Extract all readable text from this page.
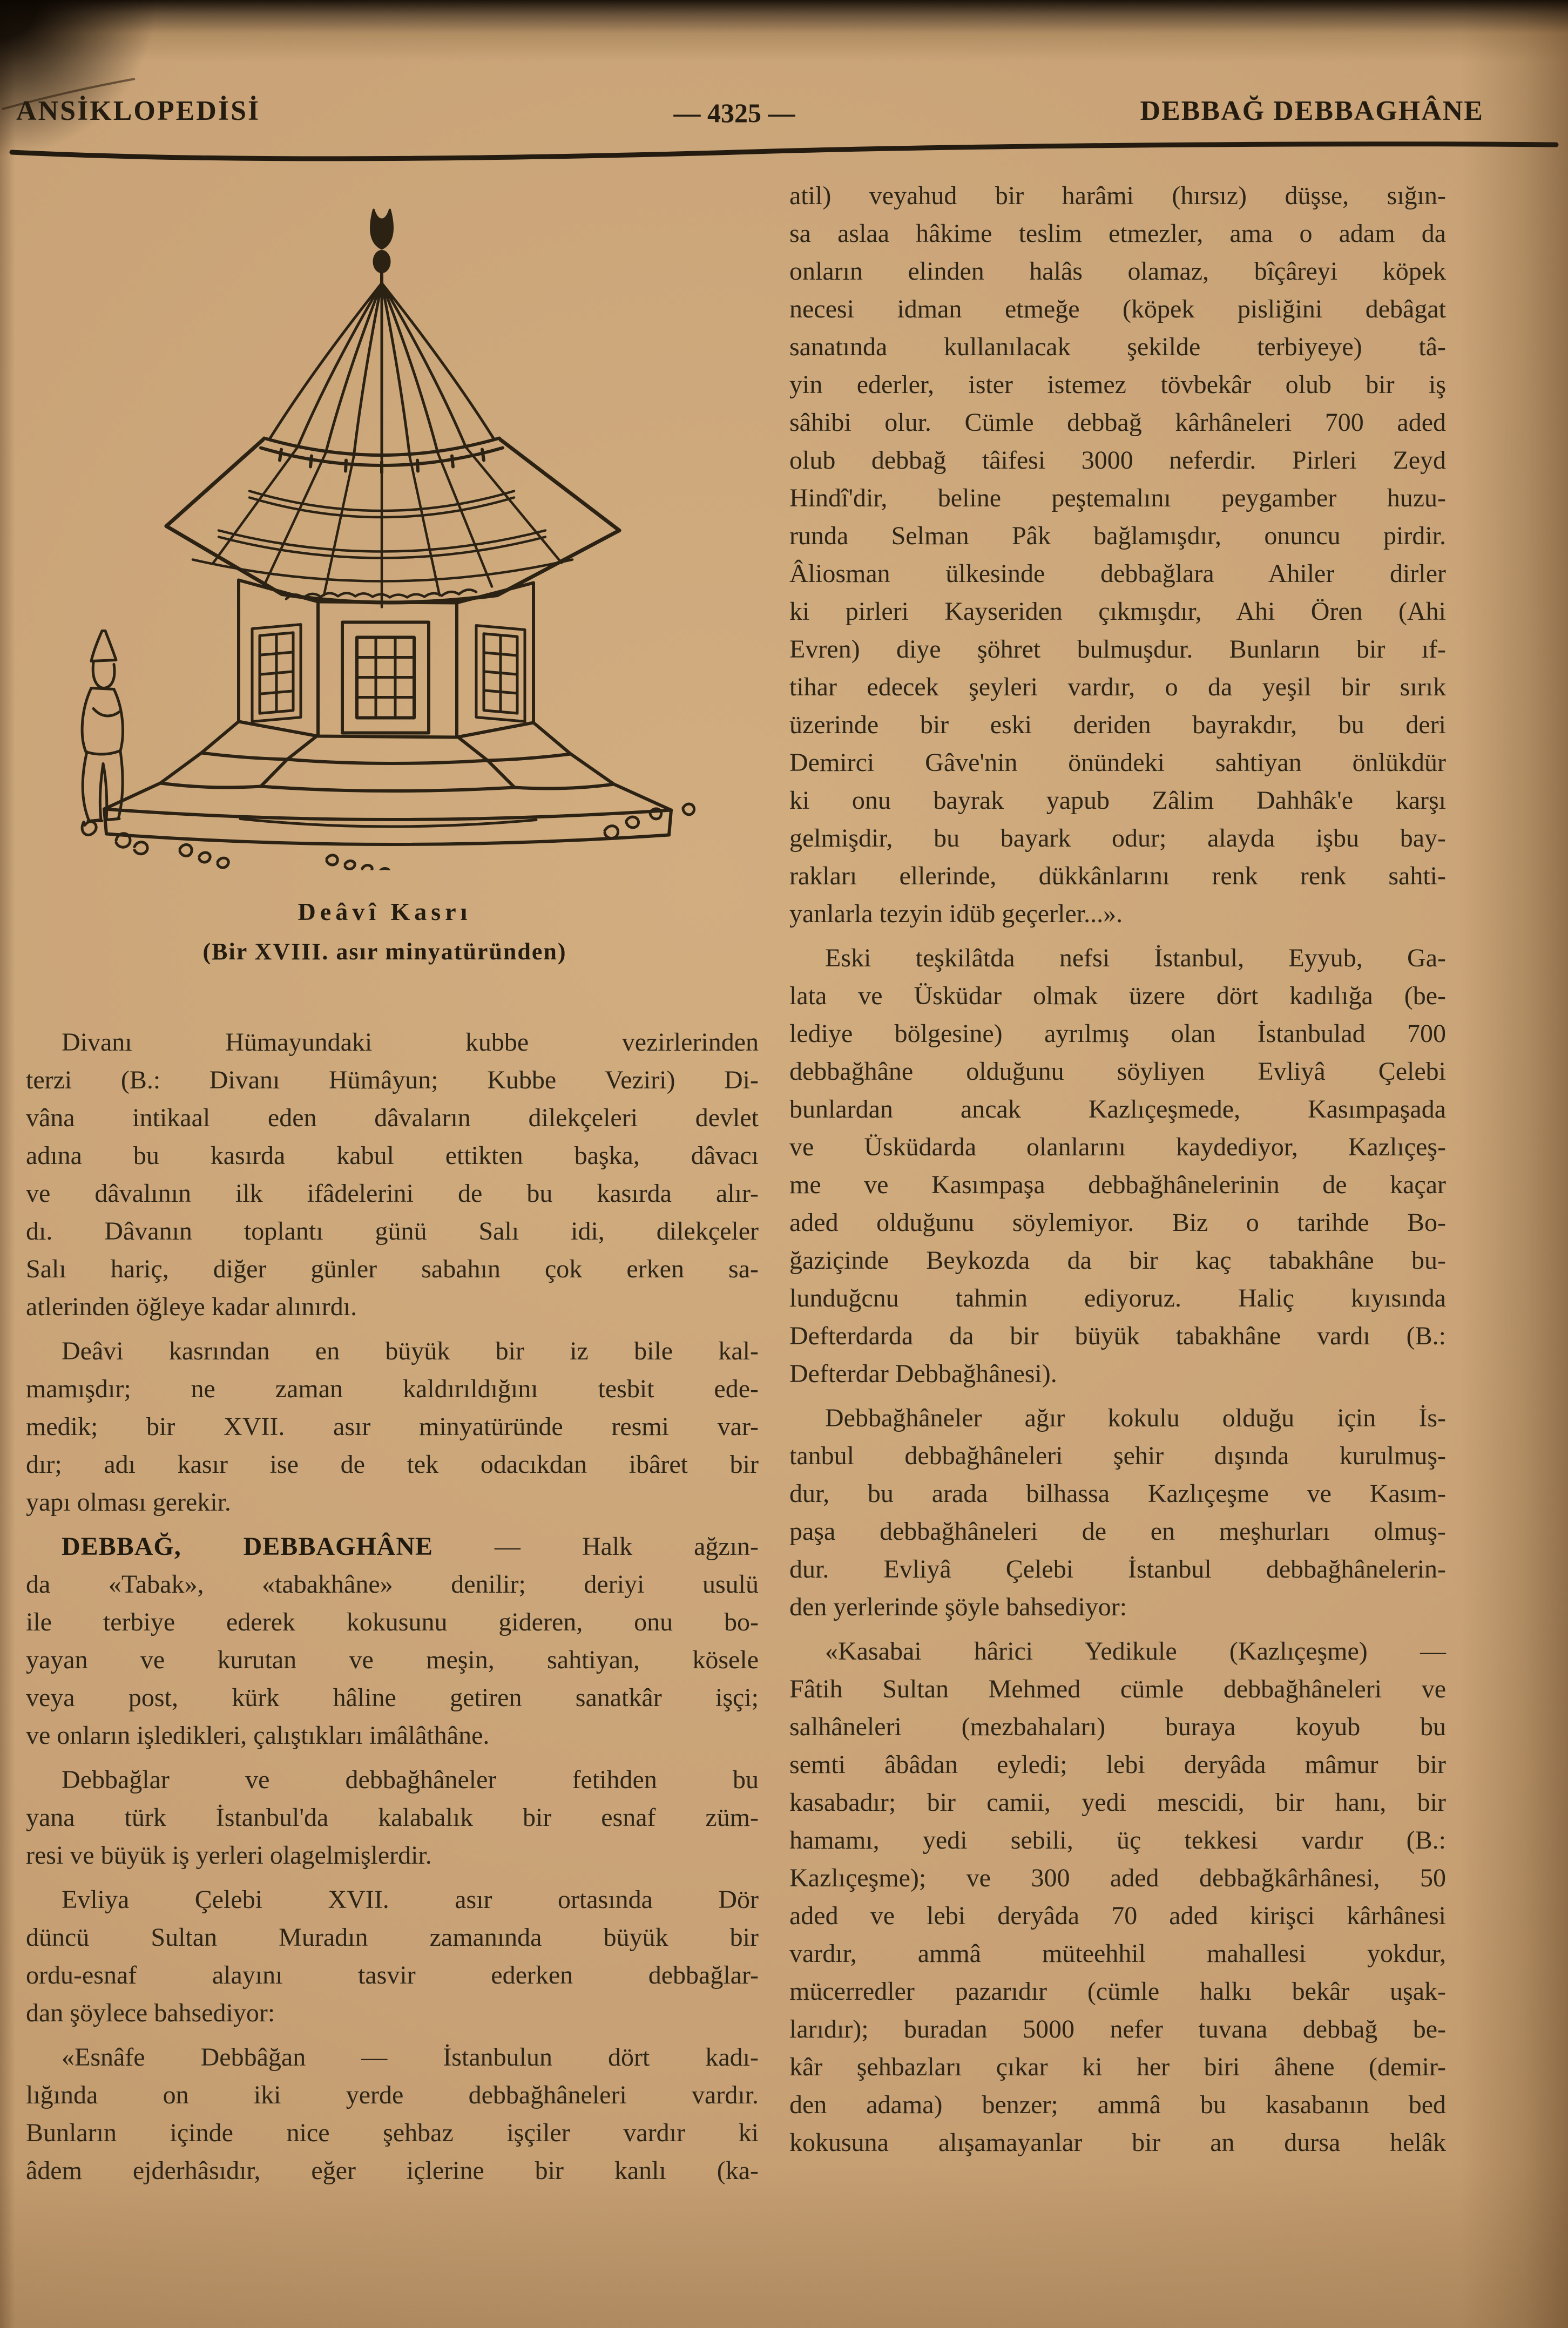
ANSİKLOPEDİSİ	— 4325 —	DEBBAĞ DEBBAGHÂNE
Deâvî Kasrı
(Bir XVIII. asır minyatüründen)
Divanı Hümayundaki kubbe vezirlerinden
terzi (B.: Divanı Hümâyun; Kubbe Veziri) Di-
vâna intikaal eden dâvaların dilekçeleri devlet
adına bu kasırda kabul ettikten başka, dâvacı
ve dâvalının ilk ifâdelerini de bu kasırda alır-
dı. Dâvanın toplantı günü Salı idi, dilekçeler
Salı hariç, diğer günler sabahın çok erken sa-
atlerinden öğleye kadar alınırdı.
Deâvi kasrından en büyük bir iz bile kal-
mamışdır; ne zaman kaldırıldığını tesbit ede-
medik; bir XVII. asır minyatüründe resmi var-
dır; adı kasır ise de tek odacıkdan ibâret bir
yapı olması gerekir.
DEBBAĞ, DEBBAGHÂNE — Halk ağzın-
da «Tabak», «tabakhâne» denilir; deriyi usulü
ile terbiye ederek kokusunu gideren, onu bo-
yayan ve kurutan ve meşin, sahtiyan, kösele
veya post, kürk hâline getiren sanatkâr işçi;
ve onların işledikleri, çalıştıkları imâlâthâne.
Debbağlar ve debbağhâneler fetihden bu
yana türk İstanbul'da kalabalık bir esnaf züm-
resi ve büyük iş yerleri olagelmişlerdir.
Evliya Çelebi XVII. asır ortasında Dör
düncü Sultan Muradın zamanında büyük bir
ordu-esnaf alayını tasvir ederken debbağlar-
dan şöylece bahsediyor:
«Esnâfe Debbâğan — İstanbulun dört kadı-
lığında on iki yerde debbağhâneleri vardır.
Bunların içinde nice şehbaz işçiler vardır ki
âdem ejderhâsıdır, eğer içlerine bir kanlı (ka-
atil) veyahud bir harâmi (hırsız) düşse, sığın-
sa aslaa hâkime teslim etmezler, ama o adam da
onların elinden halâs olamaz, bîçâreyi köpek
necesi idman etmeğe (köpek pisliğini debâgat
sanatında kullanılacak şekilde terbiyeye) tâ-
yin ederler, ister istemez tövbekâr olub bir iş
sâhibi olur. Cümle debbağ kârhâneleri 700 aded
olub debbağ tâifesi 3000 neferdir. Pirleri Zeyd
Hindî'dir, beline peştemalını peygamber huzu-
runda Selman Pâk bağlamışdır, onuncu pirdir.
Âliosman ülkesinde debbağlara Ahiler dirler
ki pirleri Kayseriden çıkmışdır, Ahi Ören (Ahi
Evren) diye şöhret bulmuşdur. Bunların bir ıf-
tihar edecek şeyleri vardır, o da yeşil bir sırık
üzerinde bir eski deriden bayrakdır, bu deri
Demirci Gâve'nin önündeki sahtiyan önlükdür
ki onu bayrak yapub Zâlim Dahhâk'e karşı
gelmişdir, bu bayark odur; alayda işbu bay-
rakları ellerinde, dükkânlarını renk renk sahti-
yanlarla tezyin idüb geçerler...».
Eski teşkilâtda nefsi İstanbul, Eyyub, Ga-
lata ve Üsküdar olmak üzere dört kadılığa (be-
lediye bölgesine) ayrılmış olan İstanbulad 700
debbağhâne olduğunu söyliyen Evliyâ Çelebi
bunlardan ancak Kazlıçeşmede, Kasımpaşada
ve Üsküdarda olanlarını kaydediyor, Kazlıçeş-
me ve Kasımpaşa debbağhânelerinin de kaçar
aded olduğunu söylemiyor. Biz o tarihde Bo-
ğaziçinde Beykozda da bir kaç tabakhâne bu-
lunduğcnu tahmin ediyoruz. Haliç kıyısında
Defterdarda da bir büyük tabakhâne vardı (B.:
Defterdar Debbağhânesi).
Debbağhâneler ağır kokulu olduğu için İs-
tanbul debbağhâneleri şehir dışında kurulmuş-
dur, bu arada bilhassa Kazlıçeşme ve Kasım-
paşa debbağhâneleri de en meşhurları olmuş-
dur. Evliyâ Çelebi İstanbul debbağhânelerin-
den yerlerinde şöyle bahsediyor:
«Kasabai hârici Yedikule (Kazlıçeşme) —
Fâtih Sultan Mehmed cümle debbağhâneleri ve
salhâneleri (mezbahaları) buraya koyub bu
semti âbâdan eyledi; lebi deryâda mâmur bir
kasabadır; bir camii, yedi mescidi, bir hanı, bir
hamamı, yedi sebili, üç tekkesi vardır (B.:
Kazlıçeşme); ve 300 aded debbağkârhânesi, 50
aded ve lebi deryâda 70 aded kirişci kârhânesi
vardır, ammâ müteehhil mahallesi yokdur,
mücerredler pazarıdır (cümle halkı bekâr uşak-
larıdır); buradan 5000 nefer tuvana debbağ be-
kâr şehbazları çıkar ki her biri âhene (demir-
den adama) benzer; ammâ bu kasabanın bed
kokusuna alışamayanlar bir an dursa helâk
